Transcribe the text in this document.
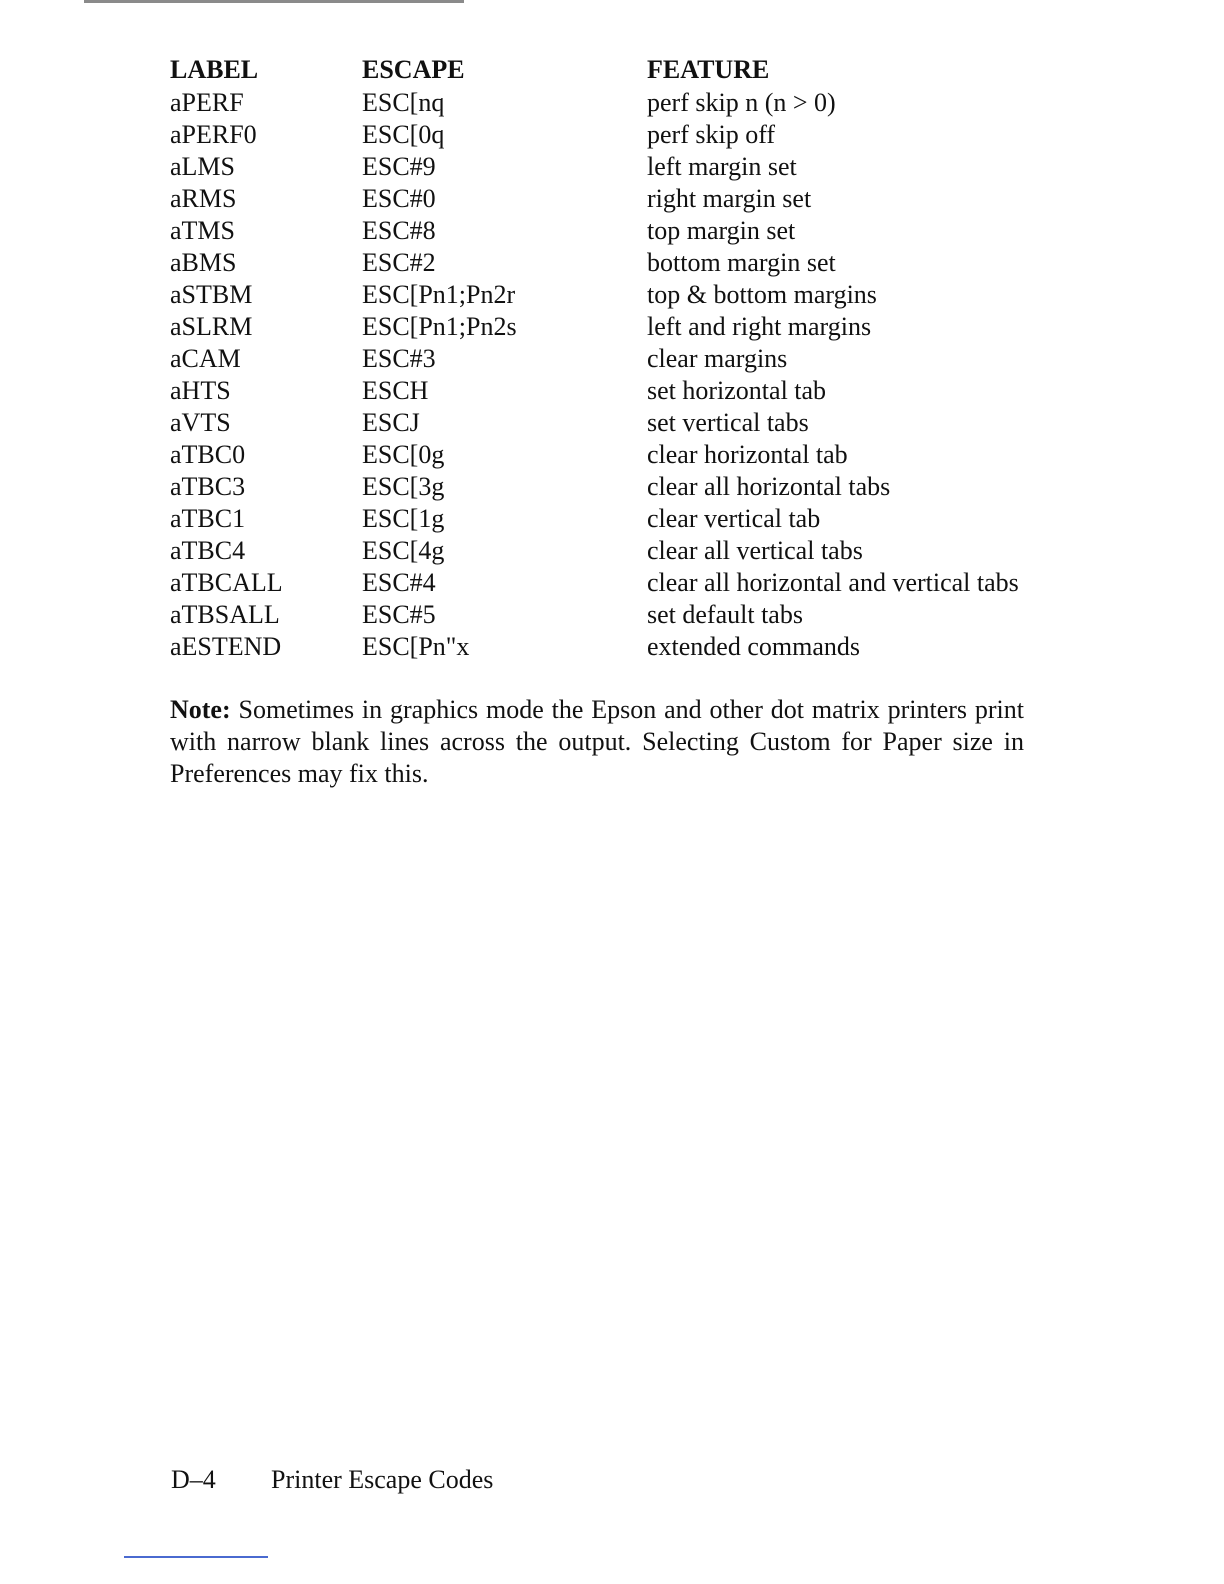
LABEL	ESCAPE	FEATURE
aPERF	ESC[nq	perf skip n (n > 0)
aPERF0	ESC[0q	perf skip off
aLMS	ESC#9	left margin set
aRMS	ESC#0	right margin set
aTMS	ESC#8	top margin set
aBMS	ESC#2	bottom margin set
aSTBM	ESC[Pn1;Pn2r	top & bottom margins
aSLRM	ESC[Pn1;Pn2s	left and right margins
aCAM	ESC#3	clear margins
aHTS	ESCH	set horizontal tab
aVTS	ESCJ	set vertical tabs
aTBC0	ESC[0g	clear horizontal tab
aTBC3	ESC[3g	clear all horizontal tabs
aTBC1	ESC[1g	clear vertical tab
aTBC4	ESC[4g	clear all vertical tabs
aTBCALL	ESC#4	clear all horizontal and vertical tabs
aTBSALL	ESC#5	set default tabs
aESTEND	ESC[Pn"x	extended commands
Note: Sometimes in graphics mode the Epson and other dot matrix printers print with narrow blank lines across the output. Selecting Custom for Paper size in Preferences may fix this.
D–4 Printer Escape Codes
